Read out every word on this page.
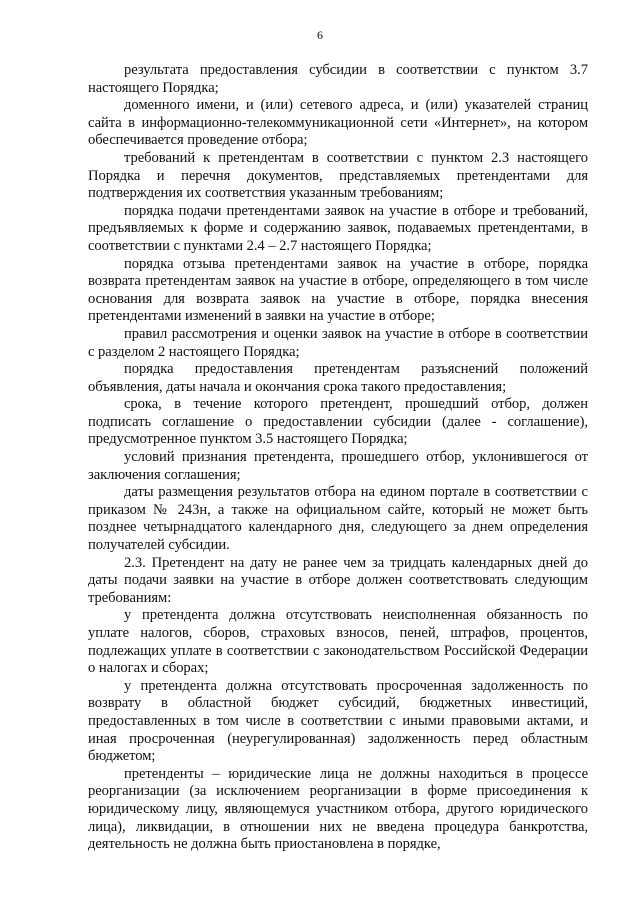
6

результата предоставления субсидии в соответствии с пунктом 3.7 настоящего Порядка;

доменного имени, и (или) сетевого адреса, и (или) указателей страниц сайта в информационно-телекоммуникационной сети «Интернет», на котором обеспечивается проведение отбора;

требований к претендентам в соответствии с пунктом 2.3 настоящего Порядка и перечня документов, представляемых претендентами для подтверждения их соответствия указанным требованиям;

порядка подачи претендентами заявок на участие в отборе и требований, предъявляемых к форме и содержанию заявок, подаваемых претендентами, в соответствии с пунктами 2.4 – 2.7 настоящего Порядка;

порядка отзыва претендентами заявок на участие в отборе, порядка возврата претендентам заявок на участие в отборе, определяющего в том числе основания для возврата заявок на участие в отборе, порядка внесения претендентами изменений в заявки на участие в отборе;

правил рассмотрения и оценки заявок на участие в отборе в соответствии с разделом 2 настоящего Порядка;

порядка предоставления претендентам разъяснений положений объявления, даты начала и окончания срока такого предоставления;

срока, в течение которого претендент, прошедший отбор, должен подписать соглашение о предоставлении субсидии (далее - соглашение), предусмотренное пунктом 3.5 настоящего Порядка;

условий признания претендента, прошедшего отбор, уклонившегося от заключения соглашения;

даты размещения результатов отбора на едином портале в соответствии с приказом № 243н, а также на официальном сайте, который не может быть позднее четырнадцатого календарного дня, следующего за днем определения получателей субсидии.

2.3. Претендент на дату не ранее чем за тридцать календарных дней до даты подачи заявки на участие в отборе должен соответствовать следующим требованиям:

у претендента должна отсутствовать неисполненная обязанность по уплате налогов, сборов, страховых взносов, пеней, штрафов, процентов, подлежащих уплате в соответствии с законодательством Российской Федерации о налогах и сборах;

у претендента должна отсутствовать просроченная задолженность по возврату в областной бюджет субсидий, бюджетных инвестиций, предоставленных в том числе в соответствии с иными правовыми актами, и иная просроченная (неурегулированная) задолженность перед областным бюджетом;

претенденты – юридические лица не должны находиться в процессе реорганизации (за исключением реорганизации в форме присоединения к юридическому лицу, являющемуся участником отбора, другого юридического лица), ликвидации, в отношении них не введена процедура банкротства, деятельность не должна быть приостановлена в порядке,
